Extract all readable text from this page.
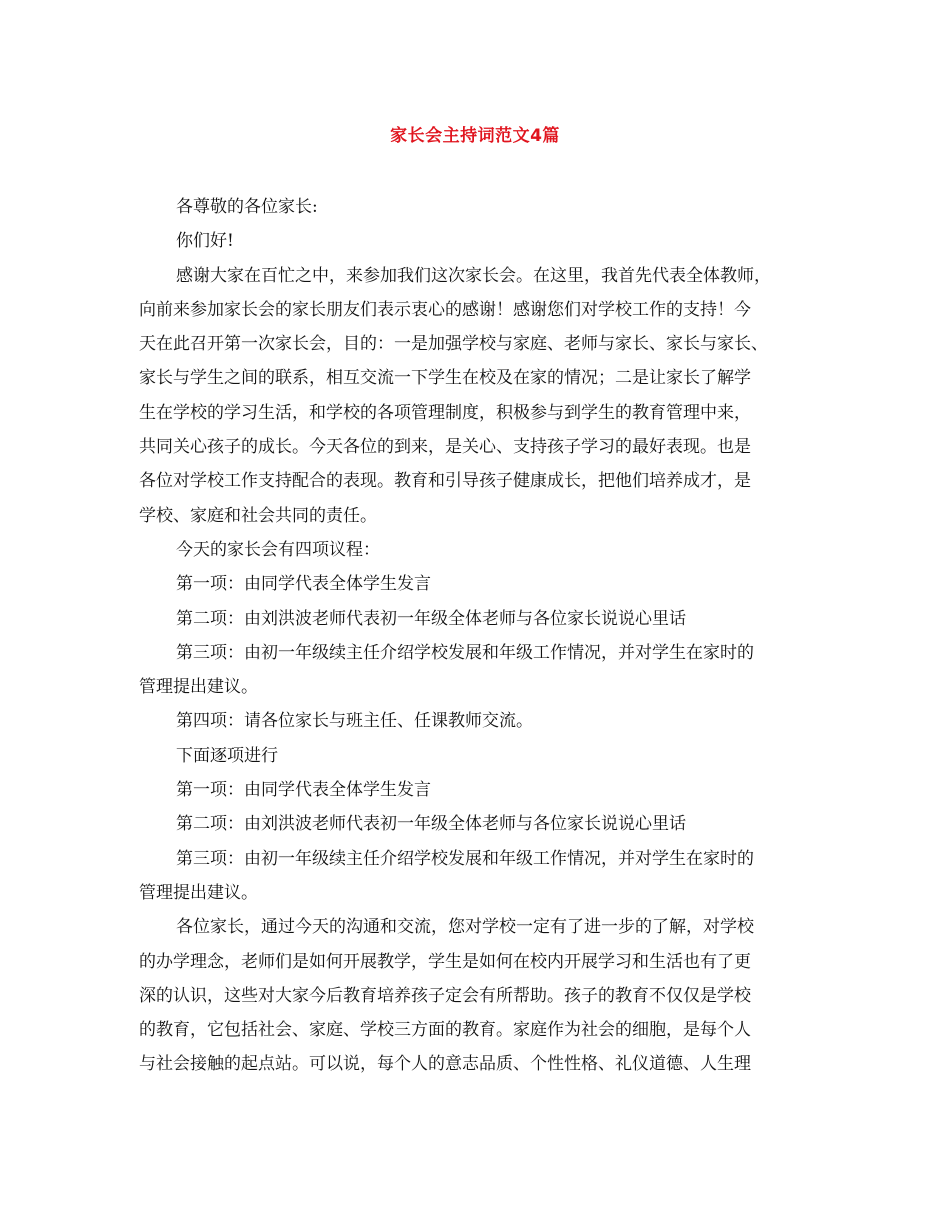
家长会主持词范文4篇
各尊敬的各位家长:
你们好!
感谢大家在百忙之中，来参加我们这次家长会。在这里，我首先代表全体教师，
向前来参加家长会的家长朋友们表示衷心的感谢！感谢您们对学校工作的支持！今
天在此召开第一次家长会，目的：一是加强学校与家庭、老师与家长、家长与家长、
家长与学生之间的联系，相互交流一下学生在校及在家的情况；二是让家长了解学
生在学校的学习生活，和学校的各项管理制度，积极参与到学生的教育管理中来，
共同关心孩子的成长。今天各位的到来，是关心、支持孩子学习的最好表现。也是
各位对学校工作支持配合的表现。教育和引导孩子健康成长，把他们培养成才，是
学校、家庭和社会共同的责任。
今天的家长会有四项议程：
第一项：由同学代表全体学生发言
第二项：由刘洪波老师代表初一年级全体老师与各位家长说说心里话
第三项：由初一年级续主任介绍学校发展和年级工作情况，并对学生在家时的
管理提出建议。
第四项：请各位家长与班主任、任课教师交流。
下面逐项进行
第一项：由同学代表全体学生发言
第二项：由刘洪波老师代表初一年级全体老师与各位家长说说心里话
第三项：由初一年级续主任介绍学校发展和年级工作情况，并对学生在家时的
管理提出建议。
各位家长，通过今天的沟通和交流，您对学校一定有了进一步的了解，对学校
的办学理念，老师们是如何开展教学，学生是如何在校内开展学习和生活也有了更
深的认识，这些对大家今后教育培养孩子定会有所帮助。孩子的教育不仅仅是学校
的教育，它包括社会、家庭、学校三方面的教育。家庭作为社会的细胞，是每个人
与社会接触的起点站。可以说，每个人的意志品质、个性性格、礼仪道德、人生理
